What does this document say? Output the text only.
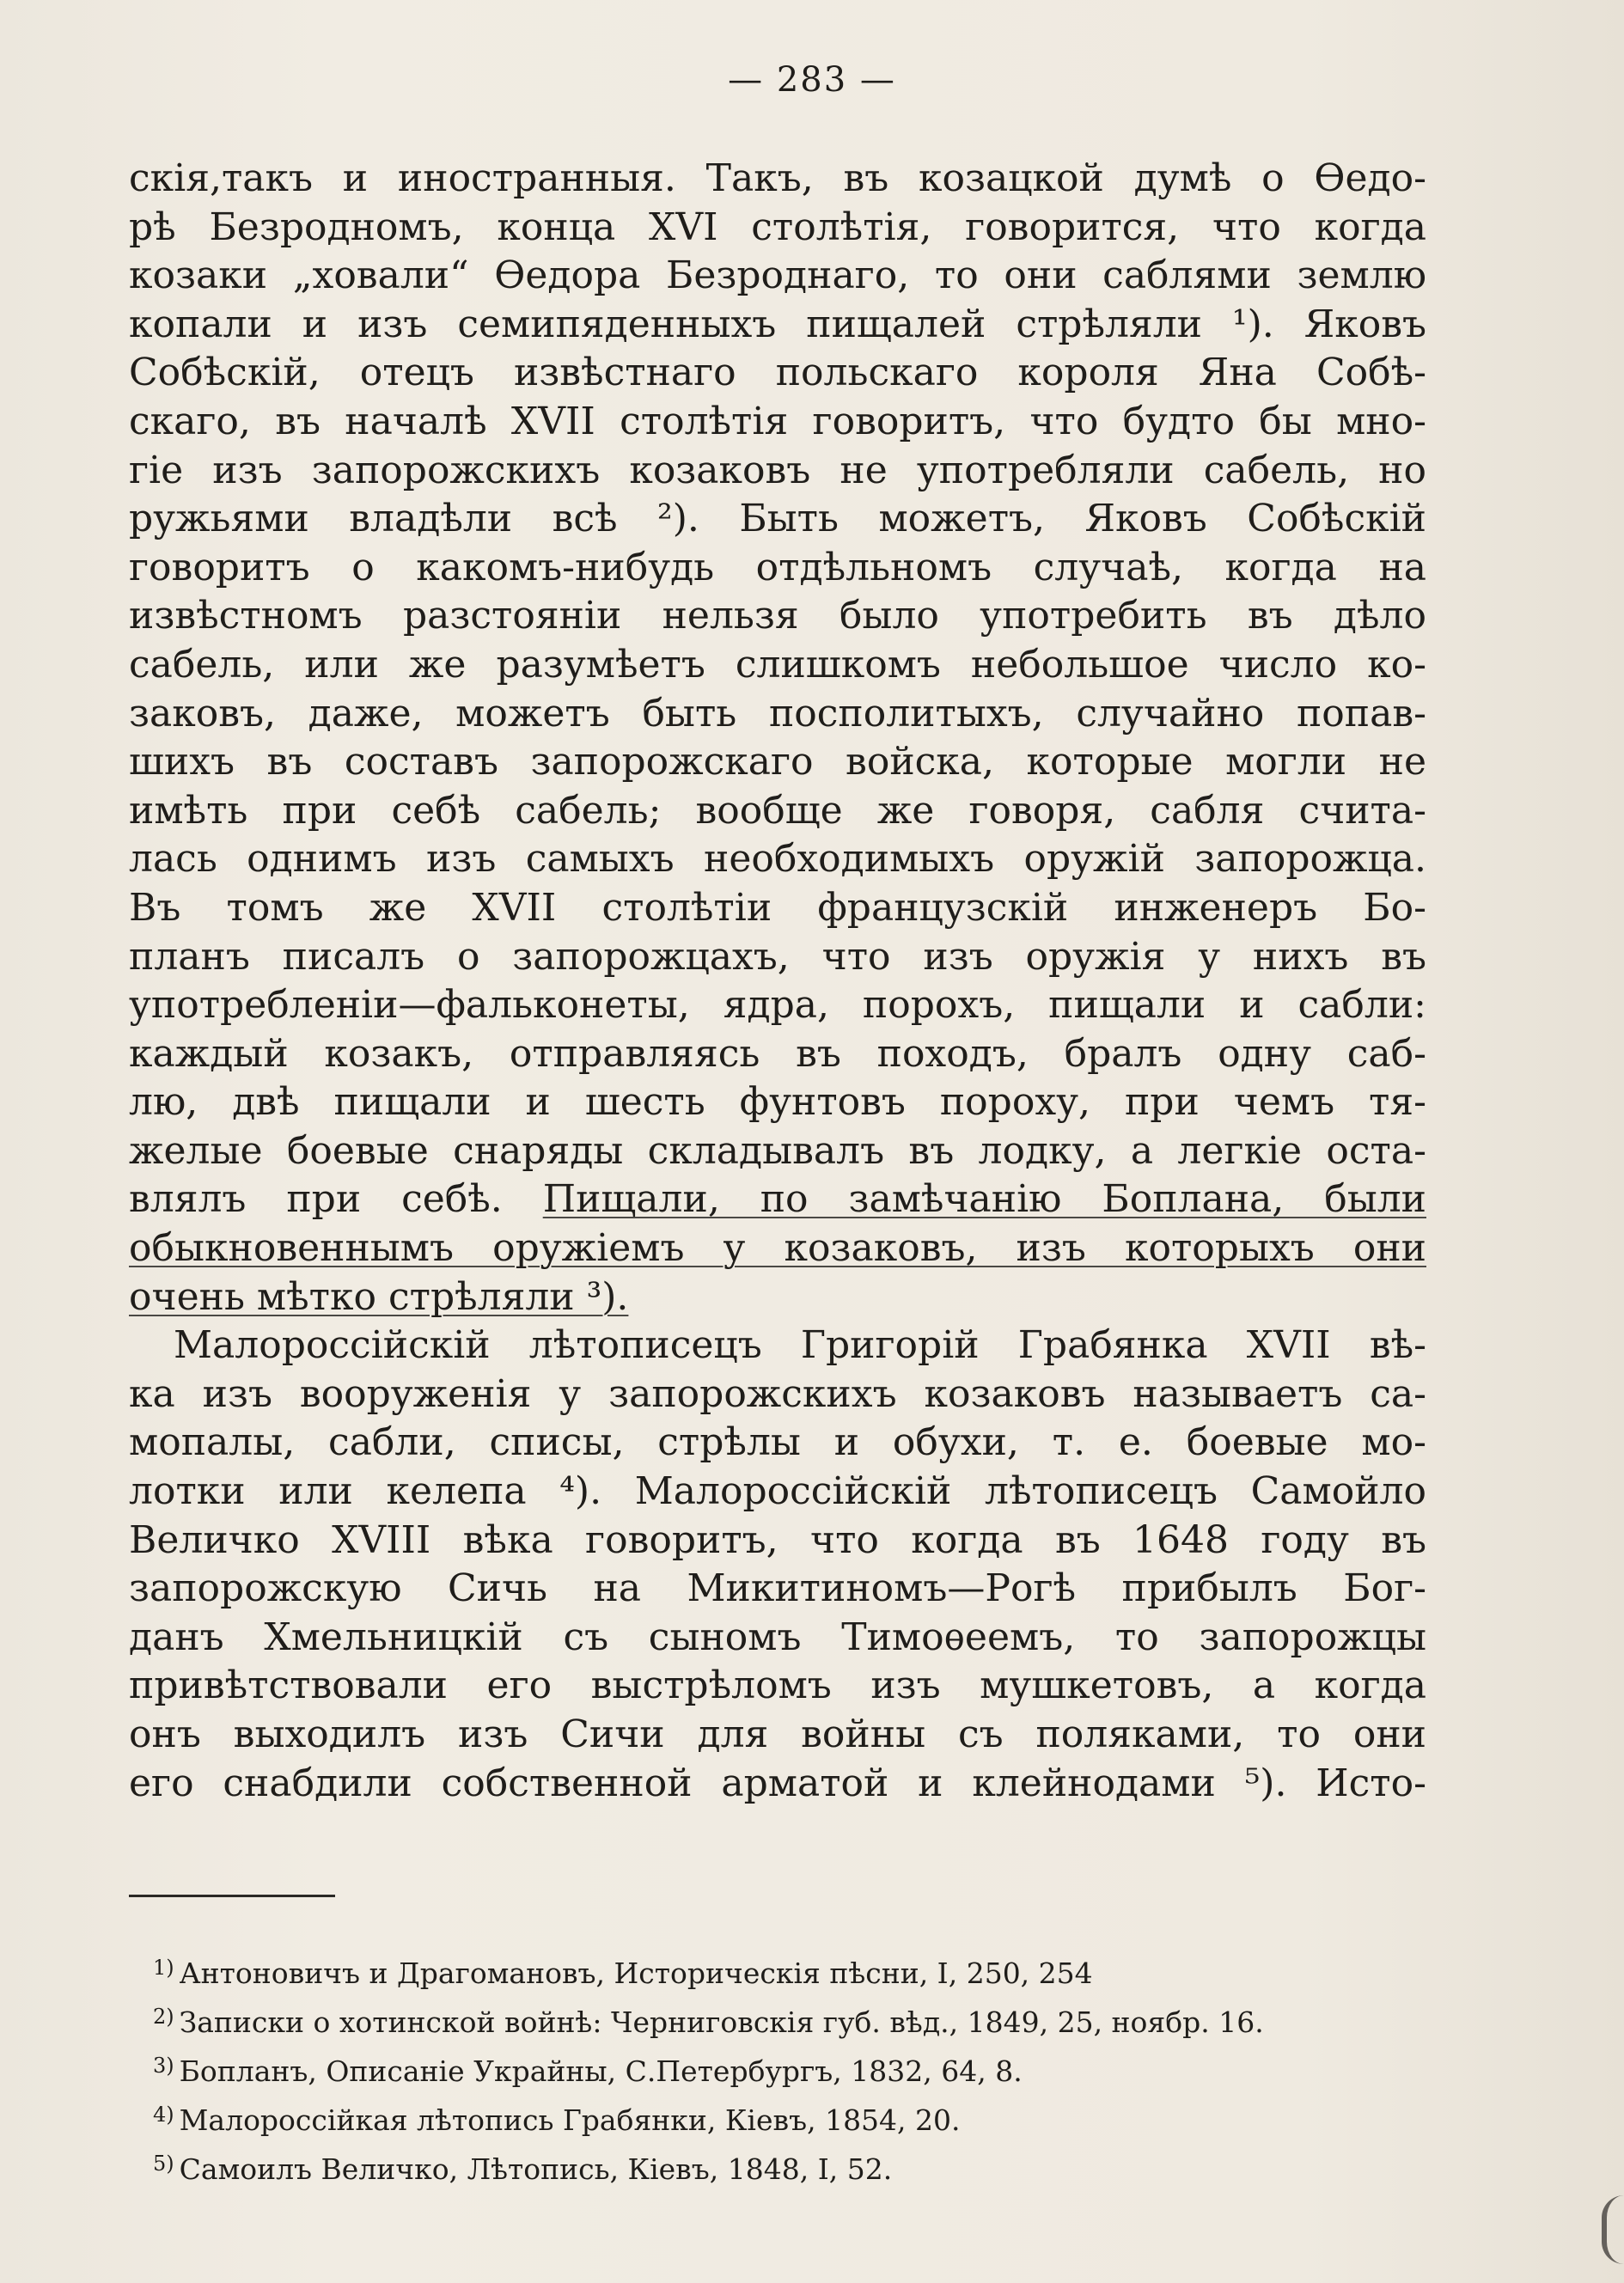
— 283 —
скія,такъ и иностранныя. Такъ, въ козацкой думѣ о Өедо-
рѣ Безродномъ, конца XVI столѣтія, говорится, что когда
козаки „ховали“ Өедора Безроднаго, то они саблями землю
копали и изъ семипяденныхъ пищалей стрѣляли ¹). Яковъ
Собѣскій, отецъ извѣстнаго польскаго короля Яна Собѣ-
скаго, въ началѣ XVII столѣтія говоритъ, что будто бы мно-
гіе изъ запорожскихъ козаковъ не употребляли сабель, но
ружьями владѣли всѣ ²). Быть можетъ, Яковъ Собѣскій
говоритъ о какомъ-нибудь отдѣльномъ случаѣ, когда на
извѣстномъ разстояніи нельзя было употребить въ дѣло
сабель, или же разумѣетъ слишкомъ небольшое число ко-
заковъ, даже, можетъ быть посполитыхъ, случайно попав-
шихъ въ составъ запорожскаго войска, которые могли не
имѣть при себѣ сабель; вообще же говоря, сабля счита-
лась однимъ изъ самыхъ необходимыхъ оружій запорожца.
Въ томъ же XVII столѣтіи французскій инженеръ Бо-
планъ писалъ о запорожцахъ, что изъ оружія у нихъ въ
употребленіи—фальконеты, ядра, порохъ, пищали и сабли:
каждый козакъ, отправляясь въ походъ, бралъ одну саб-
лю, двѣ пищали и шесть фунтовъ пороху, при чемъ тя-
желые боевые снаряды складывалъ въ лодку, а легкіе оста-
влялъ при себѣ. Пищали, по замѣчанію Боплана, были
обыкновеннымъ оружіемъ у козаковъ, изъ которыхъ они
очень мѣтко стрѣляли ³).
Малороссійскій лѣтописецъ Григорій Грабянка XVII вѣ-
ка изъ вооруженія у запорожскихъ козаковъ называетъ са-
мопалы, сабли, списы, стрѣлы и обухи, т. е. боевые мо-
лотки или келепа ⁴). Малороссійскій лѣтописецъ Самойло
Величко XVIII вѣка говоритъ, что когда въ 1648 году въ
запорожскую Сичь на Микитиномъ—Рогѣ прибылъ Бог-
данъ Хмельницкій съ сыномъ Тимоѳеемъ, то запорожцы
привѣтствовали его выстрѣломъ изъ мушкетовъ, а когда
онъ выходилъ изъ Сичи для войны съ поляками, то они
его снабдили собственной арматой и клейнодами ⁵). Исто-
$^{1)}$ Антоновичъ и Драгомановъ, Историческія пѣсни, I, 250, 254
$^{2)}$ Записки о хотинской войнѣ: Черниговскія губ. вѣд., 1849, 25, ноябр. 16.
$^{3)}$ Бопланъ, Описаніе Украйны, С.Петербургъ, 1832, 64, 8.
$^{4)}$ Малороссійкая лѣтопись Грабянки, Кіевъ, 1854, 20.
$^{5)}$ Самоилъ Величко, Лѣтопись, Кіевъ, 1848, I, 52.
